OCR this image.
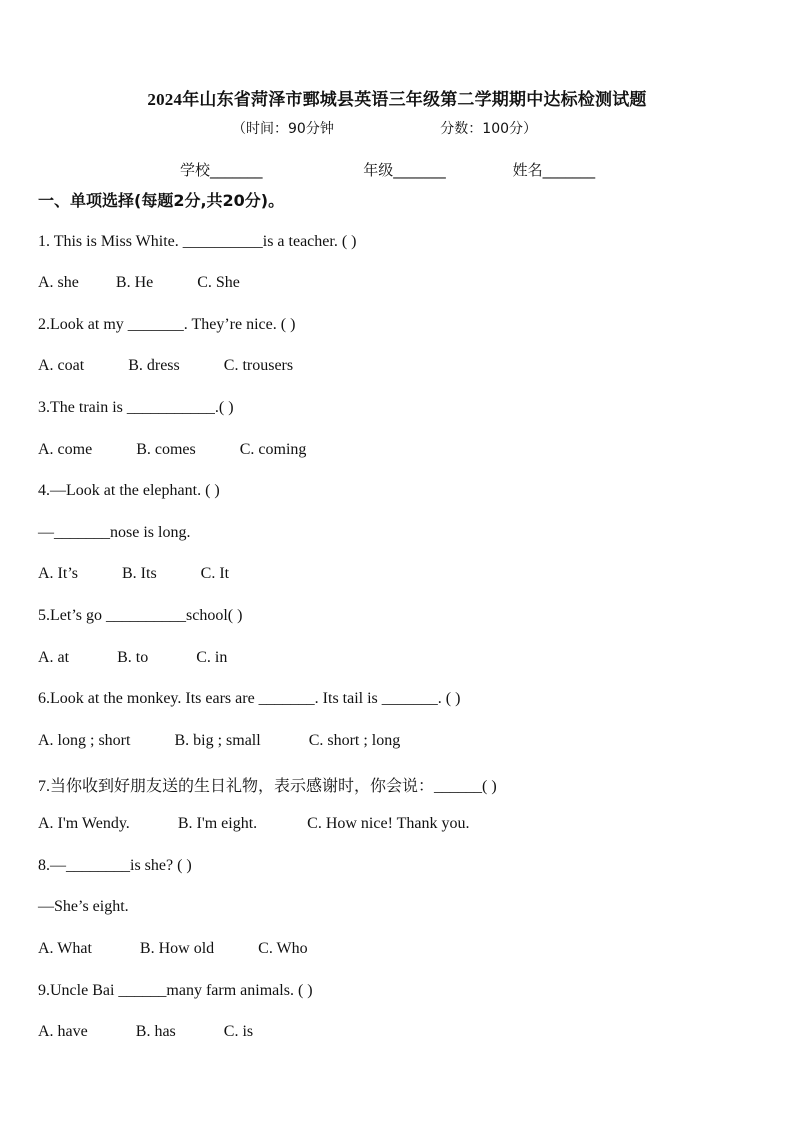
2024年山东省菏泽市鄄城县英语三年级第二学期期中达标检测试题
（时间：90分钟	分数：100分）
学校_______	年级_______	姓名_______
一、单项选择(每题2分,共20分)。
1. This is Miss White. __________is a teacher. ( )
A. she B. He	C. She
2.Look at my _______. They’re nice. ( )
A. coat	B. dress	C. trousers
3.The train is ___________.( )
A. come	B. comes	C. coming
4.—Look at the elephant. ( )
—_______nose is long.
A. It’s	B. Its	C. It
5.Let’s go __________school( )
A. at	B. to	C. in
6.Look at the monkey. Its ears are _______. Its tail is _______. ( )
A. long ; short	B. big ; small	C. short ; long
7.当你收到好朋友送的生日礼物，表示感谢时，你会说：______( )
A. I'm Wendy.	B. I'm eight.	C. How nice! Thank you.
8.—________is she? ( )
—She’s eight.
A. What	B. How old	C. Who
9.Uncle Bai ______many farm animals. ( )
A. have	B. has	C. is
